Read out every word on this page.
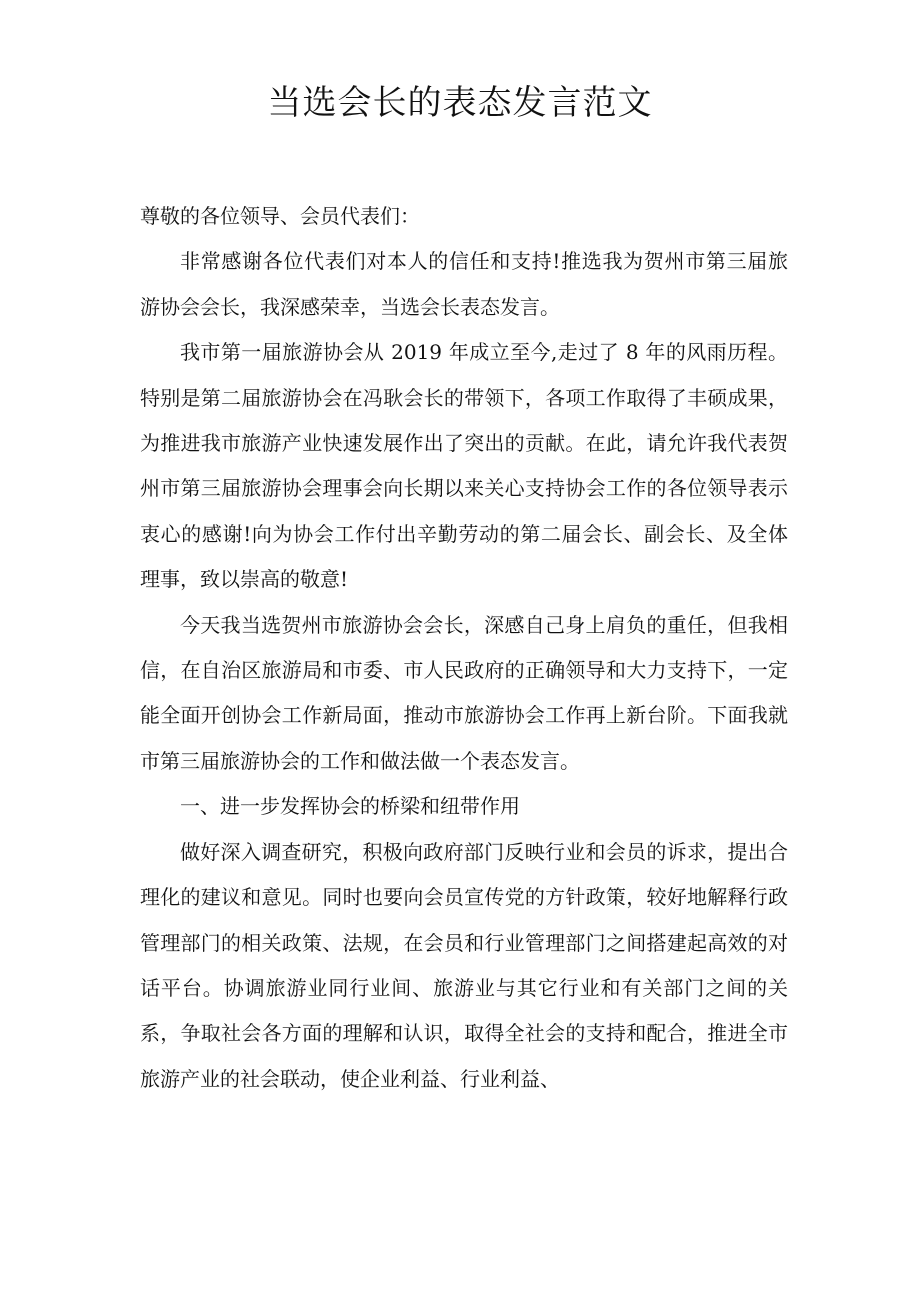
当选会长的表态发言范文

尊敬的各位领导、会员代表们：

非常感谢各位代表们对本人的信任和支持!推选我为贺州市第三届旅游协会会长，我深感荣幸，当选会长表态发言。

我市第一届旅游协会从 2019 年成立至今,走过了 8 年的风雨历程。特别是第二届旅游协会在冯耿会长的带领下，各项工作取得了丰硕成果，为推进我市旅游产业快速发展作出了突出的贡献。在此，请允许我代表贺州市第三届旅游协会理事会向长期以来关心支持协会工作的各位领导表示衷心的感谢!向为协会工作付出辛勤劳动的第二届会长、副会长、及全体理事，致以崇高的敬意!

今天我当选贺州市旅游协会会长，深感自己身上肩负的重任，但我相信，在自治区旅游局和市委、市人民政府的正确领导和大力支持下，一定能全面开创协会工作新局面，推动市旅游协会工作再上新台阶。下面我就市第三届旅游协会的工作和做法做一个表态发言。

一、进一步发挥协会的桥梁和纽带作用

做好深入调查研究，积极向政府部门反映行业和会员的诉求，提出合理化的建议和意见。同时也要向会员宣传党的方针政策，较好地解释行政管理部门的相关政策、法规，在会员和行业管理部门之间搭建起高效的对话平台。协调旅游业同行业间、旅游业与其它行业和有关部门之间的关系，争取社会各方面的理解和认识，取得全社会的支持和配合，推进全市旅游产业的社会联动，使企业利益、行业利益、
